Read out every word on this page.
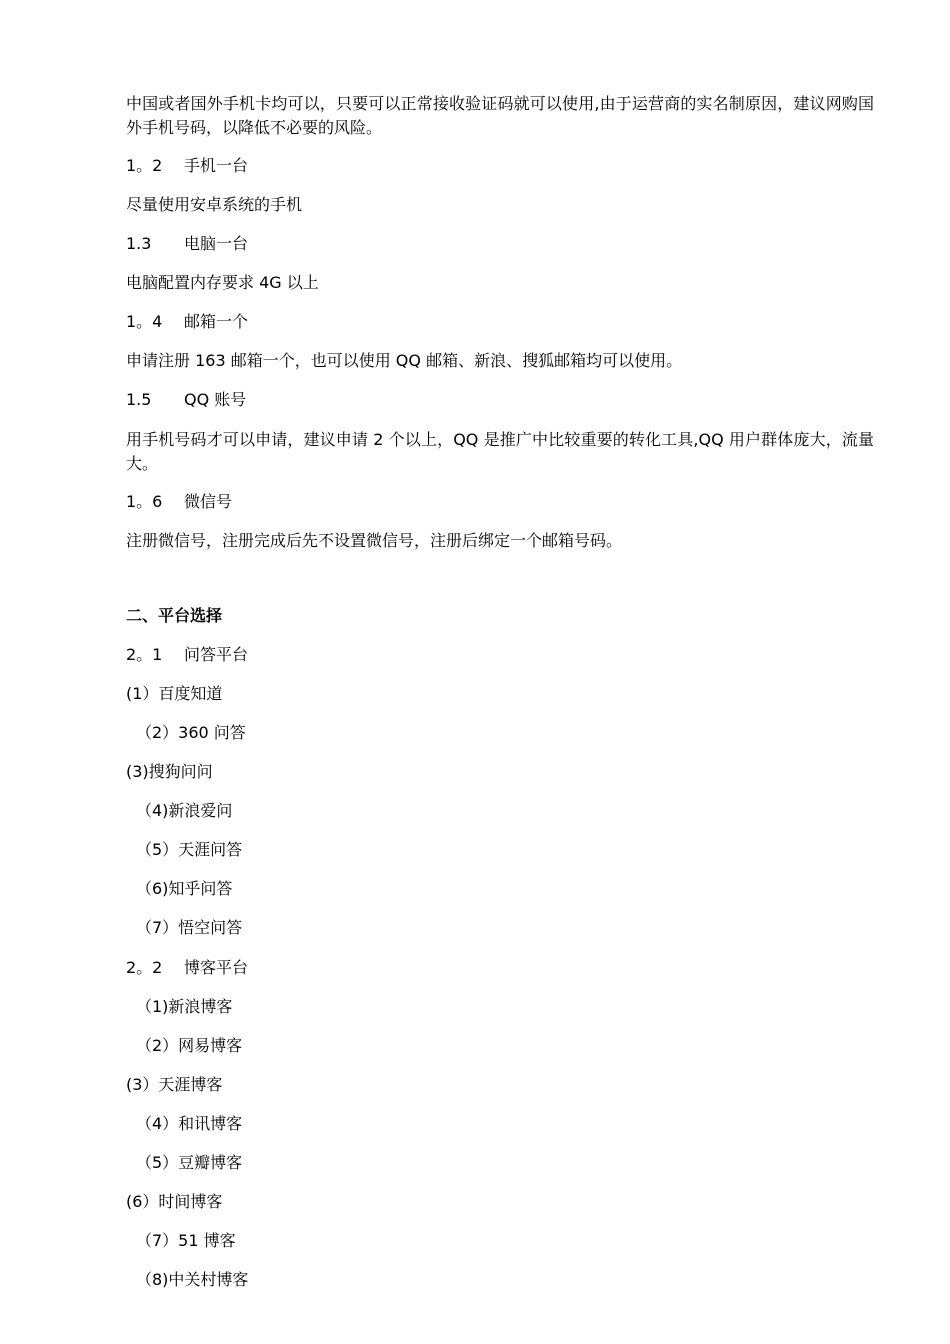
中国或者国外手机卡均可以，只要可以正常接收验证码就可以使用,由于运营商的实名制原因，建议网购国外手机号码，以降低不必要的风险。
1。2 手机一台
尽量使用安卓系统的手机
1.3 电脑一台
电脑配置内存要求 4G 以上
1。4 邮箱一个
申请注册 163 邮箱一个，也可以使用 QQ 邮箱、新浪、搜狐邮箱均可以使用。
1.5 QQ 账号
用手机号码才可以申请，建议申请 2 个以上，QQ 是推广中比较重要的转化工具,QQ 用户群体庞大，流量大。
1。6 微信号
注册微信号，注册完成后先不设置微信号，注册后绑定一个邮箱号码。
二、平台选择
2。1 问答平台
(1）百度知道
（2）360 问答
(3)搜狗问问
（4)新浪爱问
（5）天涯问答
（6)知乎问答
（7）悟空问答
2。2 博客平台
（1)新浪博客
（2）网易博客
(3）天涯博客
（4）和讯博客
（5）豆瓣博客
(6）时间博客
（7）51 博客
（8)中关村博客
